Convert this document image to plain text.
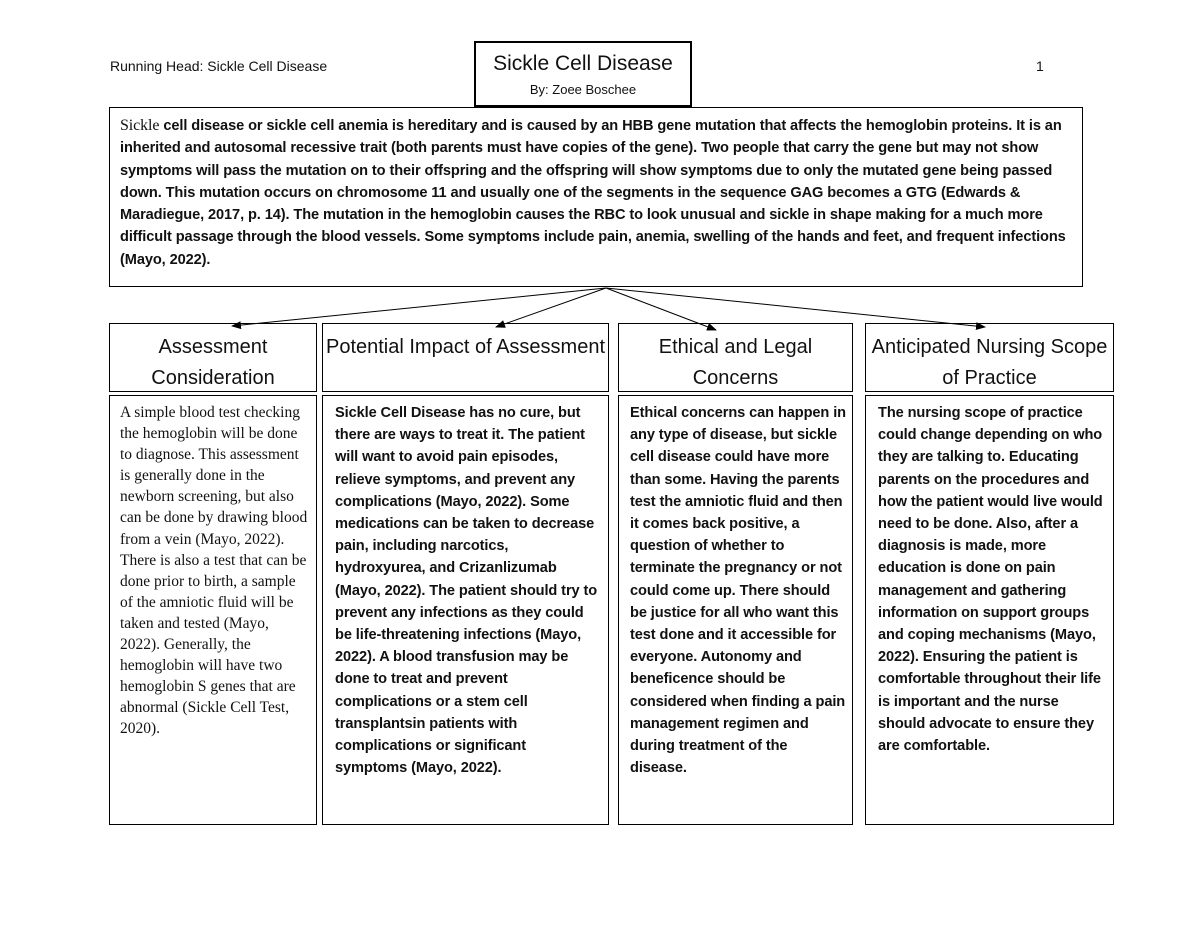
Running Head: Sickle Cell Disease	1
Sickle Cell Disease
By: Zoee Boschee
Sickle cell disease or sickle cell anemia is hereditary and is caused by an HBB gene mutation that affects the hemoglobin proteins. It is an inherited and autosomal recessive trait (both parents must have copies of the gene). Two people that carry the gene but may not show symptoms will pass the mutation on to their offspring and the offspring will show symptoms due to only the mutated gene being passed down. This mutation occurs on chromosome 11 and usually one of the segments in the sequence GAG becomes a GTG (Edwards & Maradiegue, 2017, p. 14). The mutation in the hemoglobin causes the RBC to look unusual and sickle in shape making for a much more difficult passage through the blood vessels. Some symptoms include pain, anemia, swelling of the hands and feet, and frequent infections (Mayo, 2022).
Assessment Consideration
Potential Impact of Assessment	Ethical and Legal Concerns
Anticipated Nursing Scope of Practice
A simple blood test checking the hemoglobin will be done to diagnose. This assessment is generally done in the newborn screening, but also can be done by drawing blood from a vein (Mayo, 2022). There is also a test that can be done prior to birth, a sample of the amniotic fluid will be taken and tested (Mayo, 2022). Generally, the hemoglobin will have two hemoglobin S genes that are abnormal (Sickle Cell Test, 2020).
Sickle Cell Disease has no cure, but there are ways to treat it. The patient will want to avoid pain episodes, relieve symptoms, and prevent any complications (Mayo, 2022). Some medications can be taken to decrease pain, including narcotics, hydroxyurea, and Crizanlizumab (Mayo, 2022). The patient should try to prevent any infections as they could be life-threatening infections (Mayo, 2022). A blood transfusion may be done to treat and prevent complications or a stem cell transplantsin patients with complications or significant symptoms (Mayo, 2022).
Ethical concerns can happen in any type of disease, but sickle cell disease could have more than some. Having the parents test the amniotic fluid and then it comes back positive, a question of whether to terminate the pregnancy or not could come up. There should be justice for all who want this test done and it accessible for everyone. Autonomy and beneficence should be considered when finding a pain management regimen and during treatment of the disease.
The nursing scope of practice could change depending on who they are talking to. Educating parents on the procedures and how the patient would live would need to be done. Also, after a diagnosis is made, more education is done on pain management and gathering information on support groups and coping mechanisms (Mayo, 2022). Ensuring the patient is comfortable throughout their life is important and the nurse should advocate to ensure they are comfortable.
